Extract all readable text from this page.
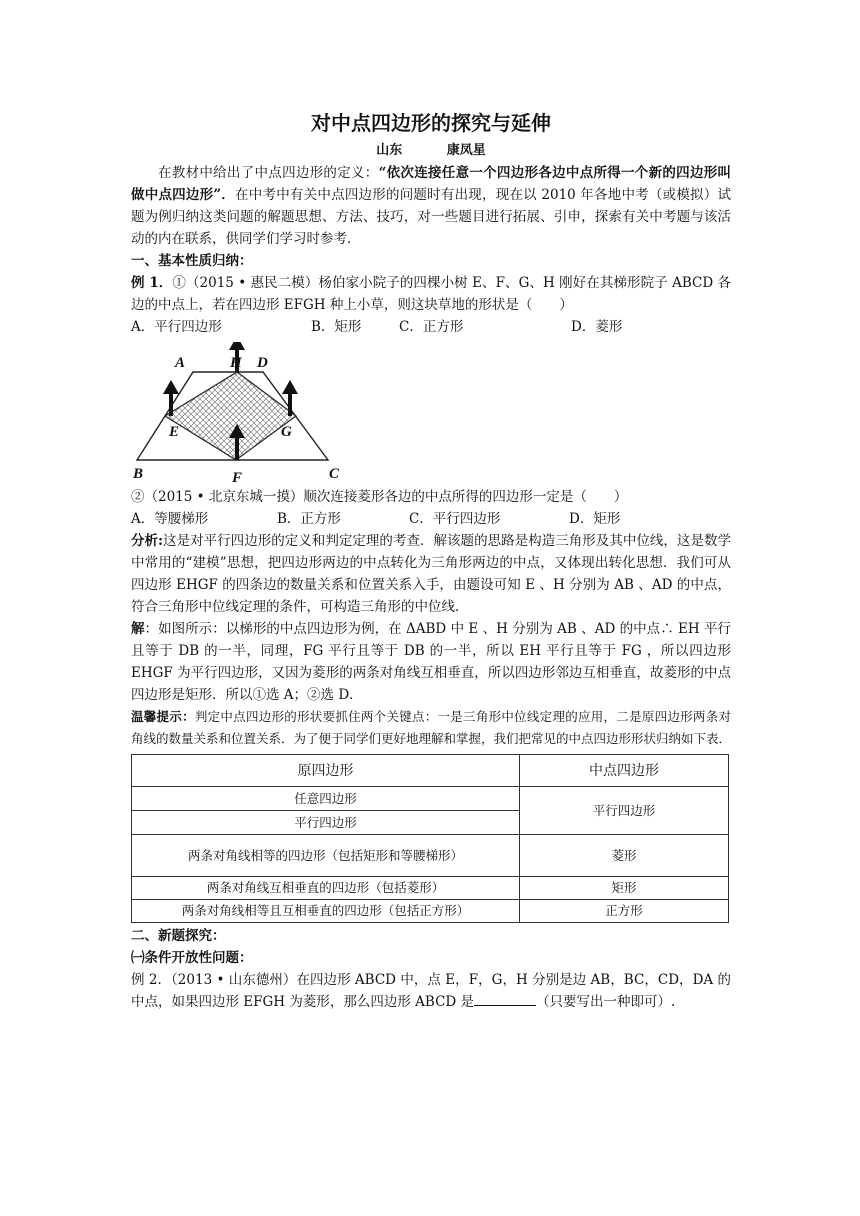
对中点四边形的探究与延伸
山东	康凤星

在教材中给出了中点四边形的定义：“依次连接任意一个四边形各边中点所得一个新的四边形叫做中点四边形”．在中考中有关中点四边形的问题时有出现，现在以 2010 年各地中考（或模拟）试题为例归纳这类问题的解题思想、方法、技巧，对一些题目进行拓展、引申，探索有关中考题与该活动的内在联系，供同学们学习时参考．

一、基本性质归纳：

例 1．①（2015 • 惠民二模）杨伯家小院子的四棵小树 E、F、G、H 刚好在其梯形院子 ABCD 各边的中点上，若在四边形 EFGH 种上小草，则这块草地的形状是（　　）

A．平行四边形	B．矩形	C．正方形	D．菱形
A	H D
E	G
B	F	C

②（2015 • 北京东城一摸）顺次连接菱形各边的中点所得的四边形一定是（　　）

A．等腰梯形	B．正方形	C．平行四边形	D．矩形

分析:这是对平行四边形的定义和判定定理的考查．解该题的思路是构造三角形及其中位线，这是数学中常用的“建模”思想，把四边形两边的中点转化为三角形两边的中点，又体现出转化思想．我们可从四边形 EHGF 的四条边的数量关系和位置关系入手，由题设可知 E 、H 分别为 AB 、AD 的中点，符合三角形中位线定理的条件，可构造三角形的中位线．

解：如图所示：以梯形的中点四边形为例，在 ΔABD 中 E 、H 分别为 AB 、AD 的中点∴ EH 平行且等于 DB 的一半，同理，FG 平行且等于 DB 的一半，所以 EH 平行且等于 FG ，所以四边形 EHGF 为平行四边形，又因为菱形的两条对角线互相垂直，所以四边形邻边互相垂直，故菱形的中点四边形是矩形．所以①选 A；②选 D．

温馨提示：判定中点四边形的形状要抓住两个关键点：一是三角形中位线定理的应用，二是原四边形两条对角线的数量关系和位置关系．为了便于同学们更好地理解和掌握，我们把常见的中点四边形形状归纳如下表．

原四边形	中点四边形
任意四边形	平行四边形
平行四边形	
两条对角线相等的四边形（包括矩形和等腰梯形）	菱形
两条对角线互相垂直的四边形（包括菱形）	矩形
两条对角线相等且互相垂直的四边形（包括正方形）	正方形
二、新题探究：
㈠条件开放性问题：

例 2．（2013 • 山东德州）在四边形 ABCD 中，点 E，F，G，H 分别是边 AB，BC，CD，DA 的中点，如果四边形 EFGH 为菱形，那么四边形 ABCD 是	（只要写出一种即可）.
